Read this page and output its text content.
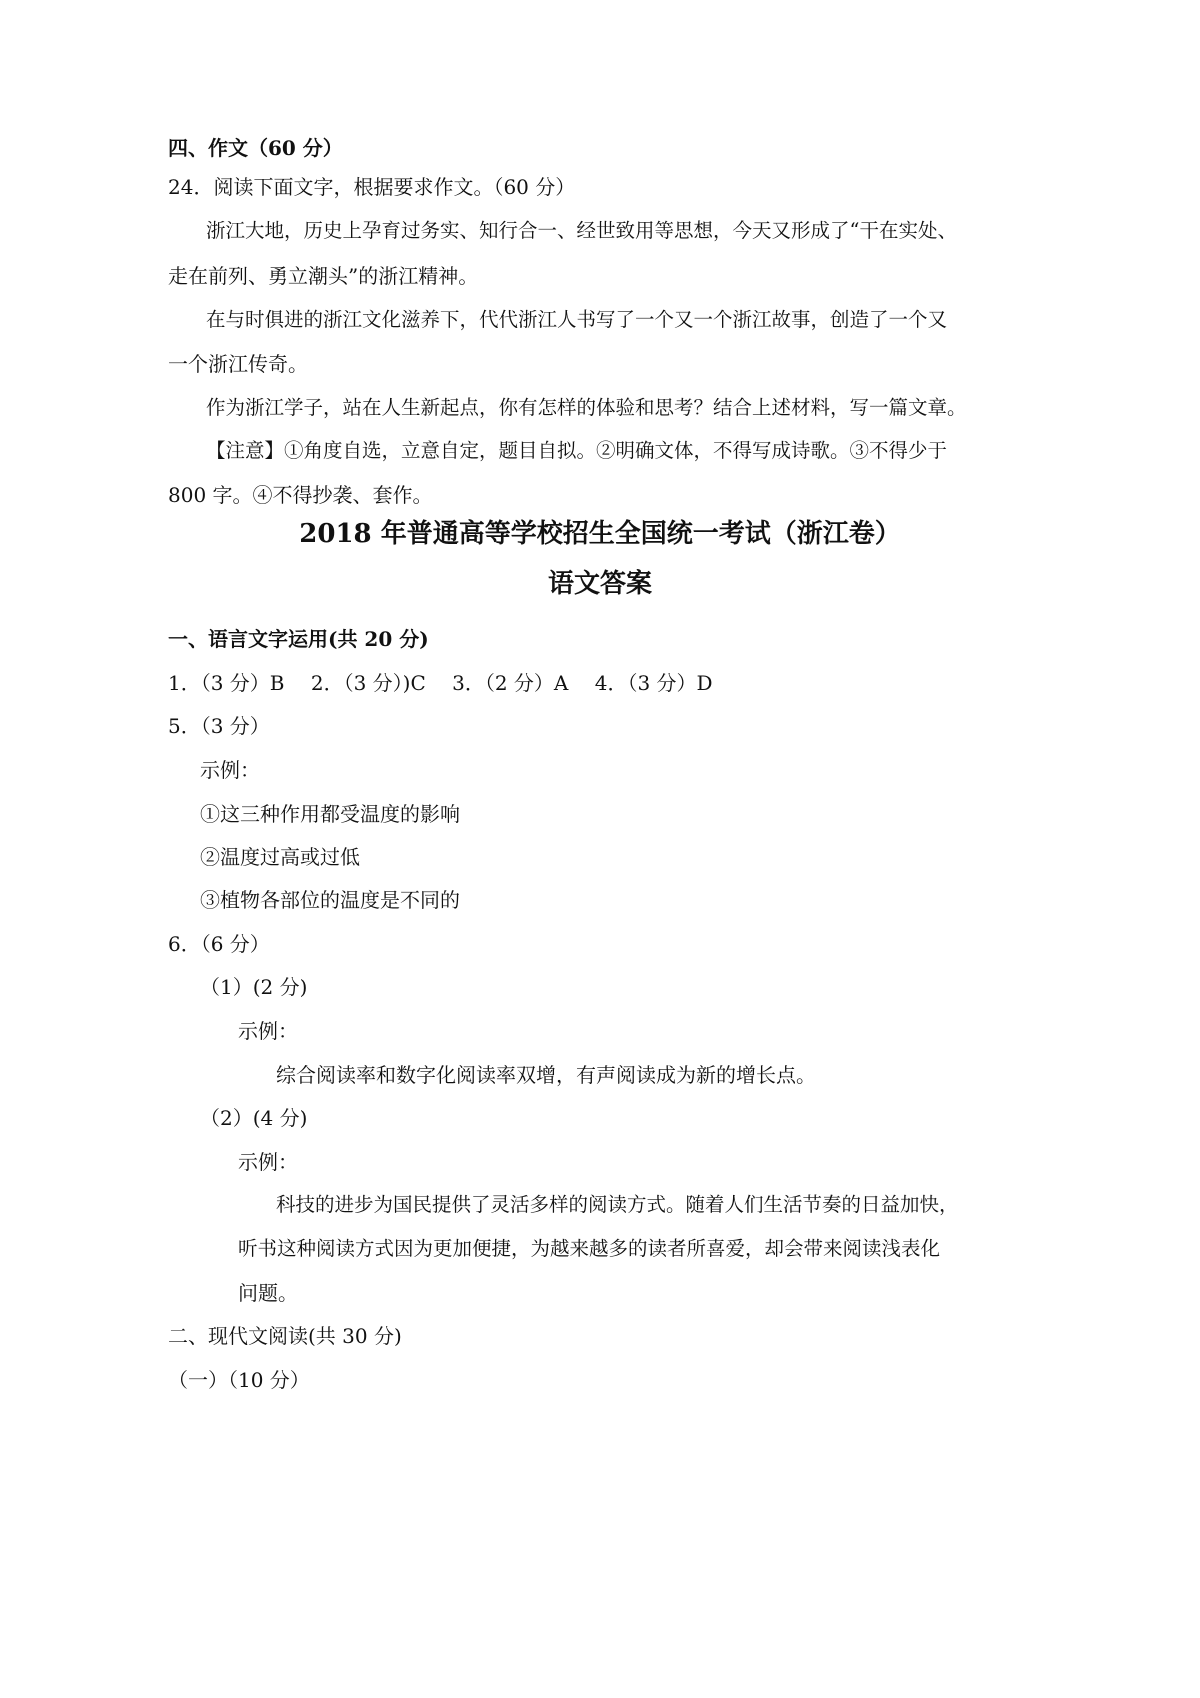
四、作文（60 分）
24．阅读下面文字，根据要求作文。（60 分）
浙江大地，历史上孕育过务实、知行合一、经世致用等思想，今天又形成了“干在实处、
走在前列、勇立潮头”的浙江精神。
在与时俱进的浙江文化滋养下，代代浙江人书写了一个又一个浙江故事，创造了一个又
一个浙江传奇。
作为浙江学子，站在人生新起点，你有怎样的体验和思考？结合上述材料，写一篇文章。
【注意】①角度自选，立意自定，题目自拟。②明确文体，不得写成诗歌。③不得少于
800 字。④不得抄袭、套作。
2018 年普通高等学校招生全国统一考试（浙江卷）
语文答案
一、语言文字运用(共 20 分)
1．（3 分）B　 2．（3 分）)C　 3．（2 分）A　 4．（3 分）D
5．（3 分）
示例：
①这三种作用都受温度的影响
②温度过高或过低
③植物各部位的温度是不同的
6．（6 分）
（1）(2 分)
示例：
综合阅读率和数字化阅读率双增，有声阅读成为新的增长点。
（2）(4 分)
示例：
科技的进步为国民提供了灵活多样的阅读方式。随着人们生活节奏的日益加快，
听书这种阅读方式因为更加便捷，为越来越多的读者所喜爱，却会带来阅读浅表化
问题。
二、现代文阅读(共 30 分)
（一）（10 分）
